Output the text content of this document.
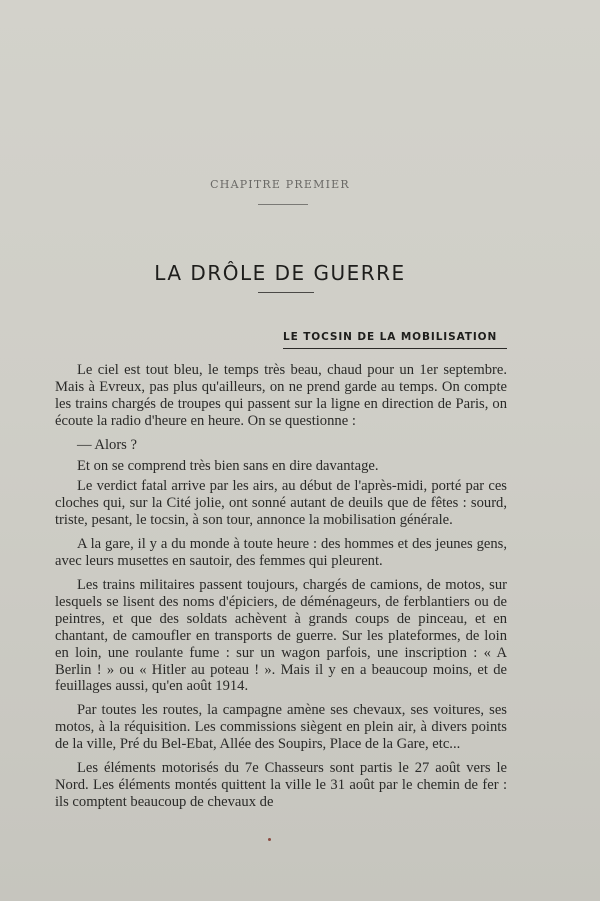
CHAPITRE PREMIER
LA DRÔLE DE GUERRE
LE TOCSIN DE LA MOBILISATION

Le ciel est tout bleu, le temps très beau, chaud pour un 1er septembre. Mais à Evreux, pas plus qu'ailleurs, on ne prend garde au temps. On compte les trains chargés de troupes qui passent sur la ligne en direction de Paris, on écoute la radio d'heure en heure. On se questionne :

— Alors ?

Et on se comprend très bien sans en dire davantage.

Le verdict fatal arrive par les airs, au début de l'après-midi, porté par ces cloches qui, sur la Cité jolie, ont sonné autant de deuils que de fêtes : sourd, triste, pesant, le tocsin, à son tour, annonce la mobilisation générale.

A la gare, il y a du monde à toute heure : des hommes et des jeunes gens, avec leurs musettes en sautoir, des femmes qui pleurent.

Les trains militaires passent toujours, chargés de camions, de motos, sur lesquels se lisent des noms d'épiciers, de déménageurs, de ferblantiers ou de peintres, et que des soldats achèvent à grands coups de pinceau, et en chantant, de camoufler en transports de guerre. Sur les plateformes, de loin en loin, une roulante fume : sur un wagon parfois, une inscription : « A Berlin ! » ou « Hitler au poteau ! ». Mais il y en a beaucoup moins, et de feuillages aussi, qu'en août 1914.

Par toutes les routes, la campagne amène ses chevaux, ses voitures, ses motos, à la réquisition. Les commissions siègent en plein air, à divers points de la ville, Pré du Bel-Ebat, Allée des Soupirs, Place de la Gare, etc...

Les éléments motorisés du 7e Chasseurs sont partis le 27 août vers le Nord. Les éléments montés quittent la ville le 31 août par le chemin de fer : ils comptent beaucoup de chevaux de
